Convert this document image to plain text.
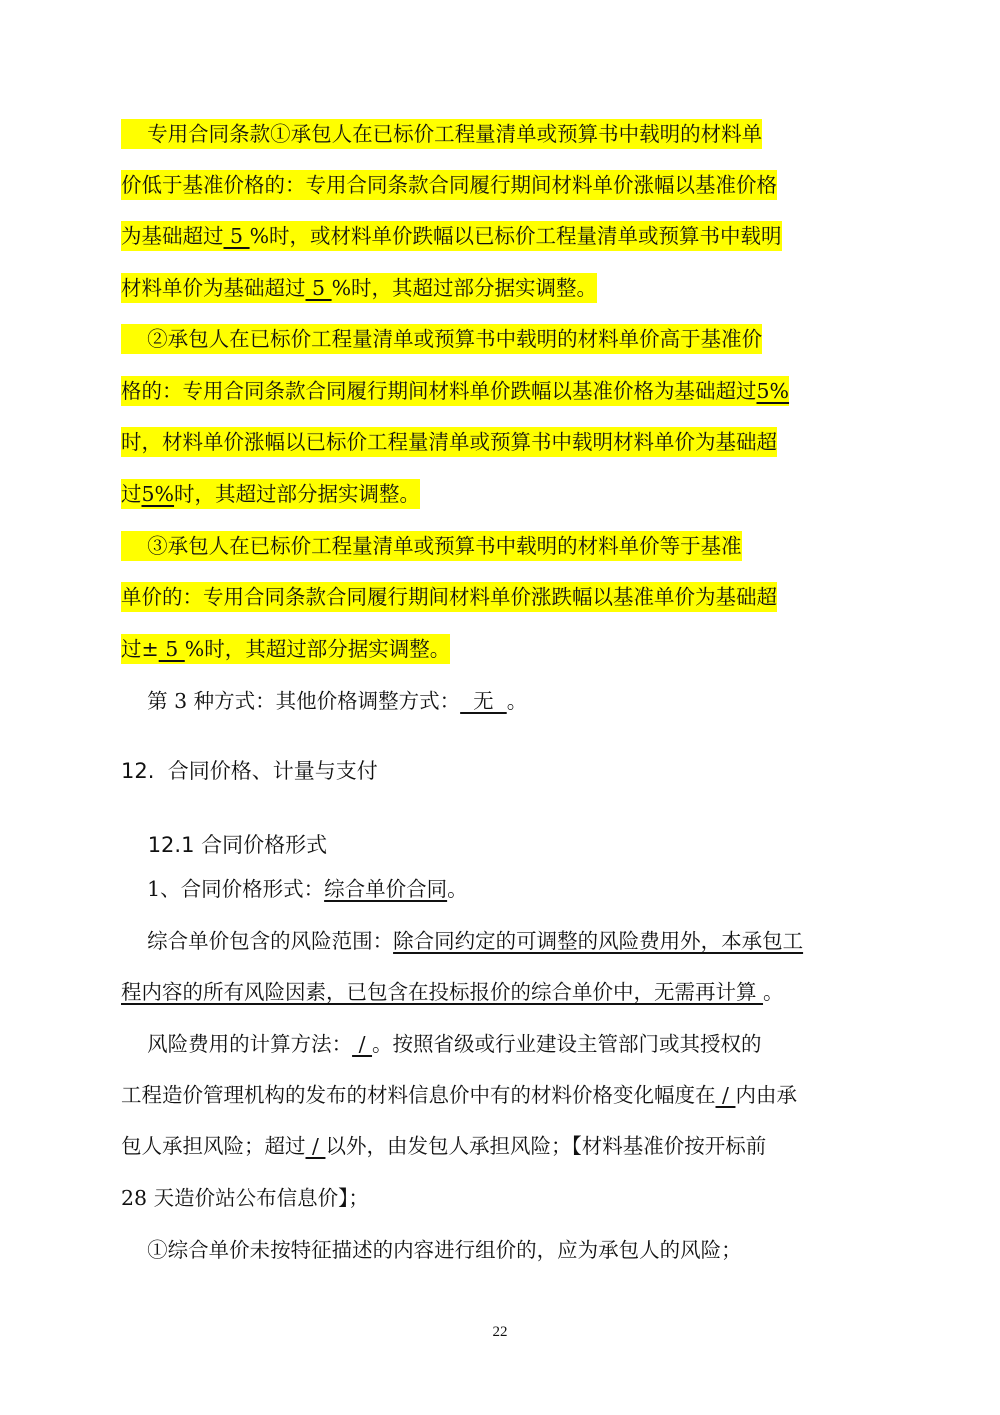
专用合同条款①承包人在已标价工程量清单或预算书中载明的材料单
价低于基准价格的：专用合同条款合同履行期间材料单价涨幅以基准价格
为基础超过 5 %时，或材料单价跌幅以已标价工程量清单或预算书中载明
材料单价为基础超过 5 %时，其超过部分据实调整。
②承包人在已标价工程量清单或预算书中载明的材料单价高于基准价
格的：专用合同条款合同履行期间材料单价跌幅以基准价格为基础超过5%
时，材料单价涨幅以已标价工程量清单或预算书中载明材料单价为基础超
过5%时，其超过部分据实调整。
③承包人在已标价工程量清单或预算书中载明的材料单价等于基准
单价的：专用合同条款合同履行期间材料单价涨跌幅以基准单价为基础超
过± 5 %时，其超过部分据实调整。
第 3 种方式：其他价格调整方式：  无  。
12.  合同价格、计量与支付
12.1 合同价格形式
1、合同价格形式：综合单价合同。
综合单价包含的风险范围：除合同约定的可调整的风险费用外，本承包工
程内容的所有风险因素，已包含在投标报价的综合单价中，无需再计算 。
风险费用的计算方法： / 。按照省级或行业建设主管部门或其授权的
工程造价管理机构的发布的材料信息价中有的材料价格变化幅度在 / 内由承
包人承担风险；超过 / 以外，由发包人承担风险；【材料基准价按开标前
28 天造价站公布信息价】；
①综合单价未按特征描述的内容进行组价的，应为承包人的风险；
22
